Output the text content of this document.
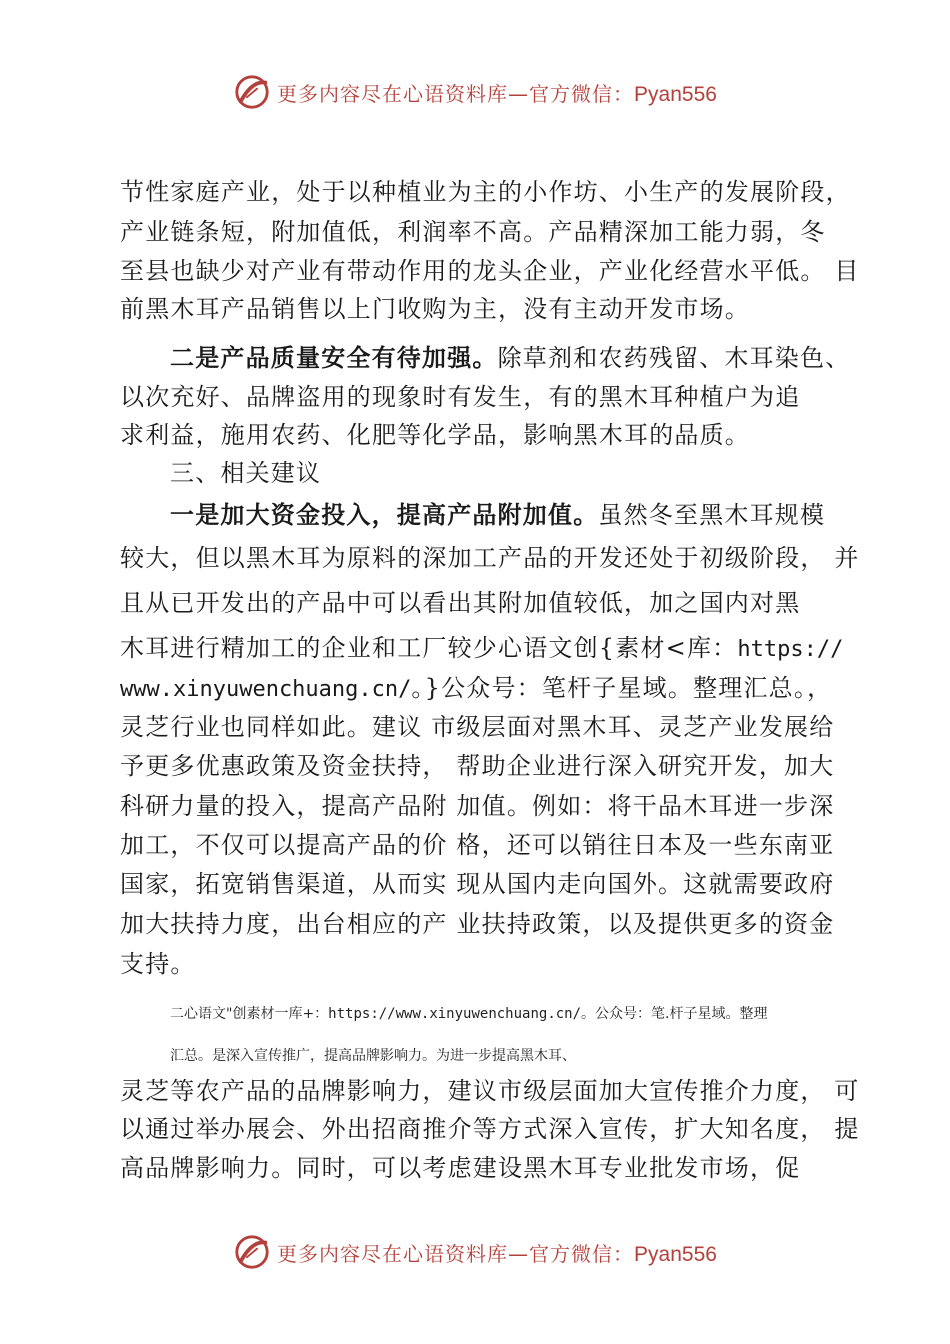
更多内容尽在心语资料库—官方微信：Pyan556
节性家庭产业，处于以种植业为主的小作坊、小生产的发展阶段，
产业链条短，附加值低，利润率不高。产品精深加工能力弱，冬
至县也缺少对产业有带动作用的龙头企业，产业化经营水平低。 目
前黑木耳产品销售以上门收购为主，没有主动开发市场。
二是产品质量安全有待加强。除草剂和农药残留、木耳染色、
以次充好、品牌盗用的现象时有发生，有的黑木耳种植户为追
求利益，施用农药、化肥等化学品，影响黑木耳的品质。
三、相关建议
一是加大资金投入，提高产品附加值。虽然冬至黑木耳规模
较大，但以黑木耳为原料的深加工产品的开发还处于初级阶段， 并
且从已开发出的产品中可以看出其附加值较低，加之国内对黑
木耳进行精加工的企业和工厂较少心语文创{素材<库：https://
www.xinyuwenchuang.cn/。}公众号：笔杆子星域。整理汇总。，
灵芝行业也同样如此。建议 市级层面对黑木耳、灵芝产业发展给
予更多优惠政策及资金扶持， 帮助企业进行深入研究开发，加大
科研力量的投入，提高产品附 加值。例如：将干品木耳进一步深
加工，不仅可以提高产品的价 格，还可以销往日本及一些东南亚
国家，拓宽销售渠道，从而实 现从国内走向国外。这就需要政府
加大扶持力度，出台相应的产 业扶持政策，以及提供更多的资金
支持。
二心语文"创素材一库+：https://www.xinyuwenchuang.cn/。公众号：笔.杆子星域。整理
汇总。是深入宣传推广，提高品牌影响力。为进一步提高黑木耳、
灵芝等农产品的品牌影响力，建议市级层面加大宣传推介力度， 可
以通过举办展会、外出招商推介等方式深入宣传，扩大知名度， 提
高品牌影响力。同时，可以考虑建设黑木耳专业批发市场，促
更多内容尽在心语资料库—官方微信：Pyan556
